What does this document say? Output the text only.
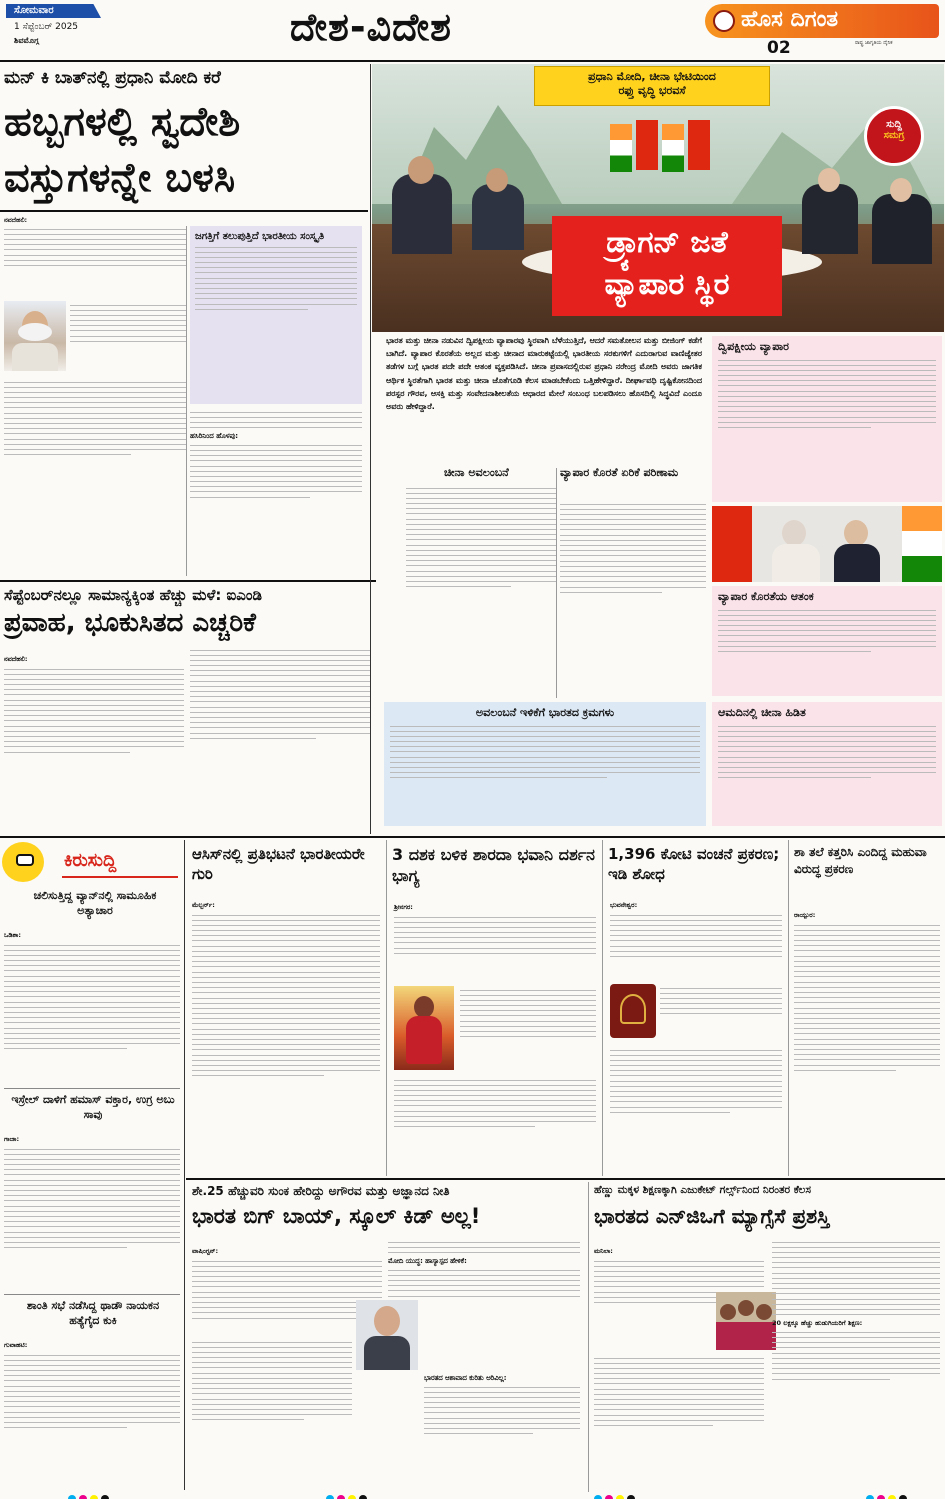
ಸೋಮವಾರ
1 ಸೆಪ್ಟೆಂಬರ್ 2025
ಶಿವಮೊಗ್ಗ	ದೇಶ-ವಿದೇಶ	ಹೊಸ ದಿಗಂತ
ರಾಷ್ಟ್ರ ಜಾಗೃತಿಯ ದೈನಿಕ
02
ಮನ್ ಕಿ ಬಾತ್‌ನಲ್ಲಿ ಪ್ರಧಾನಿ ಮೋದಿ ಕರೆ
ಹಬ್ಬಗಳಲ್ಲಿ ಸ್ವದೇಶಿ ವಸ್ತುಗಳನ್ನೇ ಬಳಸಿ
ನವದೆಹಲಿ:
ಜಗತ್ತಿಗೆ ತಲುಪುತ್ತಿದೆ ಭಾರತೀಯ ಸಂಸ್ಕೃತಿ
ಹಸಿರಿನಿಂದ ಹೊಳಪು:
ಸೆಪ್ಟೆಂಬರ್‌ನಲ್ಲೂ ಸಾಮಾನ್ಯಕ್ಕಿಂತ ಹೆಚ್ಚು ಮಳೆ: ಐಎಂಡಿ
ಪ್ರವಾಹ, ಭೂಕುಸಿತದ ಎಚ್ಚರಿಕೆ
ನವದೆಹಲಿ:
ಪ್ರಧಾನಿ ಮೋದಿ, ಚೀನಾ ಭೇಟಿಯಿಂದ
ರಫ್ತು ವೃದ್ಧಿ ಭರವಸೆ
ಸುದ್ದಿ
ಸಮಗ್ರ
ಡ್ರ್ಯಾಗನ್ ಜತೆ
ವ್ಯಾಪಾರ ಸ್ಥಿರ
ಭಾರತ ಮತ್ತು ಚೀನಾ ನಡುವಿನ ದ್ವಿಪಕ್ಷೀಯ ವ್ಯಾಪಾರವು ಸ್ಥಿರವಾಗಿ ಬೆಳೆಯುತ್ತಿದೆ, ಆದರೆ ಸಮತೋಲನ ಮತ್ತು ಬೀಜಿಂಗ್ ಕಡೆಗೆ ಬಾಗಿದೆ. ವ್ಯಾಪಾರ ಕೊರತೆಯ ಅಲ್ಲದ ಮತ್ತು ಚೀನಾದ ಮಾರುಕಟ್ಟೆಯಲ್ಲಿ ಭಾರತೀಯ ಸರಕುಗಳಿಗೆ ಎದುರಾಗುವ ವಾಣಿಜ್ಯೇತರ ತಡೆಗಳ ಬಗ್ಗೆ ಭಾರತ ಪದೇ ಪದೇ ಆತಂಕ ವ್ಯಕ್ತಪಡಿಸಿದೆ. ಚೀನಾ ಪ್ರವಾಸದಲ್ಲಿರುವ ಪ್ರಧಾನಿ ನರೇಂದ್ರ ಮೋದಿ ಅವರು ಜಾಗತಿಕ ಆರ್ಥಿಕ ಸ್ಥಿರತೆಗಾಗಿ ಭಾರತ ಮತ್ತು ಚೀನಾ ಜೊತೆಗೂಡಿ ಕೆಲಸ ಮಾಡಬೇಕೆಂದು ಒತ್ತಿಹೇಳಿದ್ದಾರೆ. ದೀರ್ಘಾವಧಿ ದೃಷ್ಟಿಕೋನದಿಂದ ಪರಸ್ಪರ ಗೌರವ, ಆಸಕ್ತಿ ಮತ್ತು ಸಂವೇದನಾಶೀಲತೆಯ ಆಧಾರದ ಮೇಲೆ ಸಂಬಂಧ ಬಲಪಡಿಸಲು ಹೊಸದಿಲ್ಲಿ ಸಿದ್ಧವಿದೆ ಎಂದೂ ಅವರು ಹೇಳಿದ್ದಾರೆ.
ದ್ವಿಪಕ್ಷೀಯ ವ್ಯಾಪಾರ
ಚೀನಾ ಅವಲಂಬನೆ	ವ್ಯಾಪಾರ ಕೊರತೆ ಏರಿಕೆ ಪರಿಣಾಮ
ವ್ಯಾಪಾರ ಕೊರತೆಯ ಆತಂಕ
ಅವಲಂಬನೆ ಇಳಿಕೆಗೆ ಭಾರತದ ಕ್ರಮಗಳು	ಆಮದಿನಲ್ಲಿ ಚೀನಾ ಹಿಡಿತ
ಕಿರುಸುದ್ದಿ
ಚಲಿಸುತ್ತಿದ್ದ ವ್ಯಾನ್‌ನಲ್ಲಿ ಸಾಮೂಹಿಕ ಅತ್ಯಾಚಾರ
ಒಡಿಶಾ:
ಇಸ್ರೇಲ್ ದಾಳಿಗೆ ಹಮಾಸ್ ವಕ್ತಾರ, ಉಗ್ರ ಅಬು ಸಾವು
ಗಾಜಾ:
ಶಾಂತಿ ಸಭೆ ನಡೆಸಿದ್ದ ಥಾಡೌ ನಾಯಕನ ಹತ್ಯೆಗೈದ ಕುಕಿ
ಗುವಾಹಟಿ:
ಆಸಿಸ್‌ನಲ್ಲಿ ಪ್ರತಿಭಟನೆ ಭಾರತೀಯರೇ ಗುರಿ
ಮೆಲ್ಬರ್ನ್:
3 ದಶಕ ಬಳಿಕ ಶಾರದಾ ಭವಾನಿ ದರ್ಶನ ಭಾಗ್ಯ
ಶ್ರೀನಗರ:
1,396 ಕೋಟಿ ವಂಚನೆ ಪ್ರಕರಣ; ಇಡಿ ಶೋಧ
ಭುವನೇಶ್ವರ:
ಶಾ ತಲೆ ಕತ್ತರಿಸಿ ಎಂದಿದ್ದ ಮಹುವಾ ವಿರುದ್ಧ ಪ್ರಕರಣ
ರಾಯ್ಪುರ:
ಶೇ.25 ಹೆಚ್ಚುವರಿ ಸುಂಕ ಹೇರಿದ್ದು ಅಗೌರವ ಮತ್ತು ಅಜ್ಞಾನದ ನೀತಿ
ಭಾರತ ಬಿಗ್ ಬಾಯ್, ಸ್ಕೂಲ್ ಕಿಡ್ ಅಲ್ಲ!
ವಾಷಿಂಗ್ಟನ್:
ಮೋದಿ ಯುದ್ಧ: ಹಾಸ್ಯಾಸ್ಪದ ಹೇಳಿಕೆ:
ಭಾರತದ ಆಶಾವಾದ ಕುರಿತು ಅರಿವಿಲ್ಲ:
ಹೆಣ್ಣು ಮಕ್ಕಳ ಶಿಕ್ಷಣಕ್ಕಾಗಿ ಎಜುಕೇಟ್ ಗರ್ಲ್ಸ್‌ನಿಂದ ನಿರಂತರ ಕೆಲಸ
ಭಾರತದ ಎನ್‌ಜಿಒಗೆ ಮ್ಯಾಗ್ಸೆಸೆ ಪ್ರಶಸ್ತಿ
ಮನಿಲಾ:
20 ಲಕ್ಷಕ್ಕೂ ಹೆಚ್ಚು ಹುಡುಗಿಯರಿಗೆ ಶಿಕ್ಷಣ:
